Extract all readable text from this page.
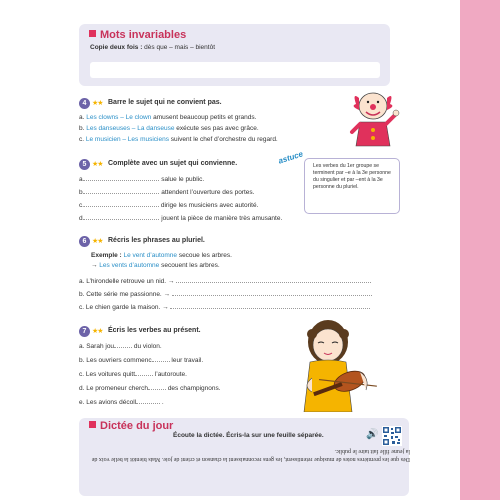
Mots invariables
Copie deux fois : dès que – mais – bientôt
4 ★★ Barre le sujet qui ne convient pas.
a. Les clowns – Le clown amusent beaucoup petits et grands.
b. Les danseuses – La danseuse exécute ses pas avec grâce.
c. Le musicien – Les musiciens suivent le chef d’orchestre du regard.
5 ★★ Complète avec un sujet qui convienne.
a.	salue le public.
b.	attendent l’ouverture des portes.
c.	dirige les musiciens avec autorité.
d.	jouent la pièce de manière très amusante.
astuce
Les verbes du 1er groupe se terminent par –e à la 3e personne du singulier et par –ent à la 3e personne du pluriel.
6 ★★ Récris les phrases au pluriel.
Exemple : Le vent d’automne secoue les arbres.
→ Les vents d’automne secouent les arbres.
a. L’hirondelle retrouve un nid. →
b. Cette série me passionne. →
c. Le chien garde la maison. →
7 ★★ Écris les verbes au présent.
a. Sarah jou	du violon.
b. Les ouvriers commenc	leur travail.
c. Les voitures quitt	l’autoroute.
d. Le promeneur cherch	des champignons.
e. Les avions décoll	.
Dictée du jour
Écoute la dictée. Écris-la sur une feuille séparée.	🔊
Dès que les premières notes de musique retentissent, les gens reconnaissent la chanson et crient de joie. Mais bientôt la belle voix de la jeune fille fait taire le public.
